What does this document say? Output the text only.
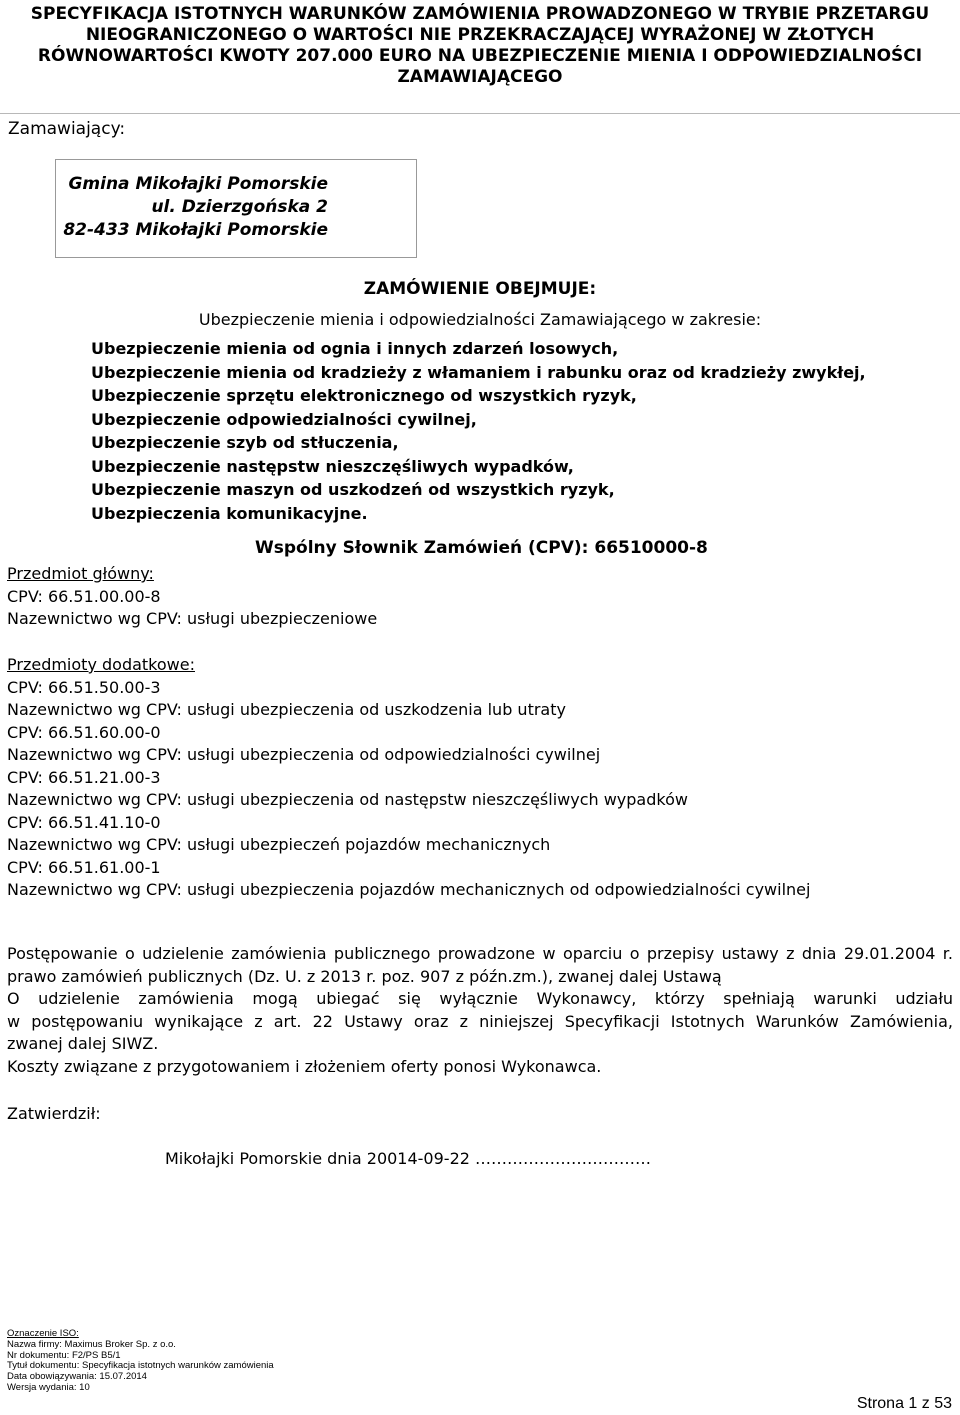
SPECYFIKACJA ISTOTNYCH WARUNKÓW ZAMÓWIENIA PROWADZONEGO W TRYBIE PRZETARGU
NIEOGRANICZONEGO O WARTOŚCI NIE PRZEKRACZAJĄCEJ WYRAŻONEJ W ZŁOTYCH
RÓWNOWARTOŚCI KWOTY 207.000 EURO NA UBEZPIECZENIE MIENIA I ODPOWIEDZIALNOŚCI
ZAMAWIAJĄCEGO
Zamawiający:
Gmina Mikołajki Pomorskie
ul. Dzierzgońska 2
82-433 Mikołajki Pomorskie
ZAMÓWIENIE OBEJMUJE:
Ubezpieczenie mienia i odpowiedzialności Zamawiającego w zakresie:
Ubezpieczenie mienia od ognia i innych zdarzeń losowych,
Ubezpieczenie mienia od kradzieży z włamaniem i rabunku oraz od kradzieży zwykłej,
Ubezpieczenie sprzętu elektronicznego od wszystkich ryzyk,
Ubezpieczenie odpowiedzialności cywilnej,
Ubezpieczenie szyb od stłuczenia,
Ubezpieczenie następstw nieszczęśliwych wypadków,
Ubezpieczenie maszyn od uszkodzeń od wszystkich ryzyk,
Ubezpieczenia komunikacyjne.
Wspólny Słownik Zamówień (CPV): 66510000-8
Przedmiot główny:
CPV: 66.51.00.00-8
Nazewnictwo wg CPV: usługi ubezpieczeniowe
Przedmioty dodatkowe:
CPV: 66.51.50.00-3
Nazewnictwo wg CPV: usługi ubezpieczenia od uszkodzenia lub utraty
CPV: 66.51.60.00-0
Nazewnictwo wg CPV: usługi ubezpieczenia od odpowiedzialności cywilnej
CPV: 66.51.21.00-3
Nazewnictwo wg CPV: usługi ubezpieczenia od następstw nieszczęśliwych wypadków
CPV: 66.51.41.10-0
Nazewnictwo wg CPV: usługi ubezpieczeń pojazdów mechanicznych
CPV: 66.51.61.00-1
Nazewnictwo wg CPV: usługi ubezpieczenia pojazdów mechanicznych od odpowiedzialności cywilnej
Postępowanie o udzielenie zamówienia publicznego prowadzone w oparciu o przepisy ustawy z dnia 29.01.2004 r.
prawo zamówień publicznych (Dz. U. z 2013 r. poz. 907 z późn.zm.), zwanej dalej Ustawą
O udzielenie zamówienia mogą ubiegać się wyłącznie Wykonawcy, którzy spełniają warunki udziału
w postępowaniu wynikające z art. 22 Ustawy oraz z niniejszej Specyfikacji Istotnych Warunków Zamówienia,
zwanej dalej SIWZ.
Koszty związane z przygotowaniem i złożeniem oferty ponosi Wykonawca.
Zatwierdził:
Mikołajki Pomorskie dnia 20014-09-22 ……………………………
Oznaczenie ISO:
Nazwa firmy: Maximus Broker Sp. z o.o.
Nr dokumentu: F2/PS B5/1
Tytuł dokumentu: Specyfikacja istotnych warunków zamówienia
Data obowiązywania: 15.07.2014
Wersja wydania: 10
Strona 1 z 53
